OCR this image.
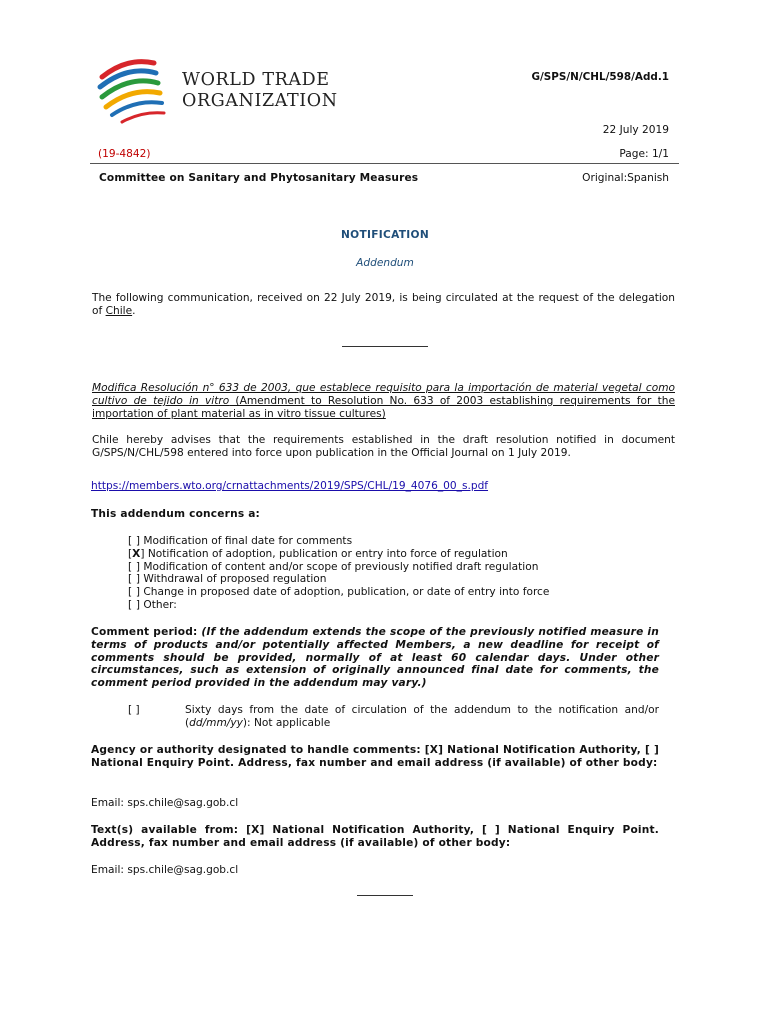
WORLD TRADE
ORGANIZATION
G/SPS/N/CHL/598/Add.1
22 July 2019
(19-4842)	Page: 1/1
Committee on Sanitary and Phytosanitary Measures	Original:Spanish
NOTIFICATION
Addendum
The following communication, received on 22 July 2019, is being circulated at the request of the delegation of Chile.
Modifica Resolución n° 633 de 2003, que establece requisito para la importación de material vegetal como cultivo de tejido in vitro (Amendment to Resolution No. 633 of 2003 establishing requirements for the importation of plant material as in vitro tissue cultures)
Chile hereby advises that the requirements established in the draft resolution notified in document G/SPS/N/CHL/598 entered into force upon publication in the Official Journal on 1 July 2019.
https://members.wto.org/crnattachments/2019/SPS/CHL/19_4076_00_s.pdf
This addendum concerns a:
[ ] Modification of final date for comments
[X] Notification of adoption, publication or entry into force of regulation
[ ] Modification of content and/or scope of previously notified draft regulation
[ ] Withdrawal of proposed regulation
[ ] Change in proposed date of adoption, publication, or date of entry into force
[ ] Other:
Comment period: (If the addendum extends the scope of the previously notified measure in terms of products and/or potentially affected Members, a new deadline for receipt of comments should be provided, normally of at least 60 calendar days. Under other circumstances, such as extension of originally announced final date for comments, the comment period provided in the addendum may vary.)
[ ]	Sixty days from the date of circulation of the addendum to the notification and/or (dd/mm/yy): Not applicable
Agency or authority designated to handle comments: [X] National Notification Authority, [ ] National Enquiry Point. Address, fax number and email address (if available) of other body:
Email: sps.chile@sag.gob.cl
Text(s) available from: [X] National Notification Authority, [ ] National Enquiry Point. Address, fax number and email address (if available) of other body:
Email: sps.chile@sag.gob.cl
